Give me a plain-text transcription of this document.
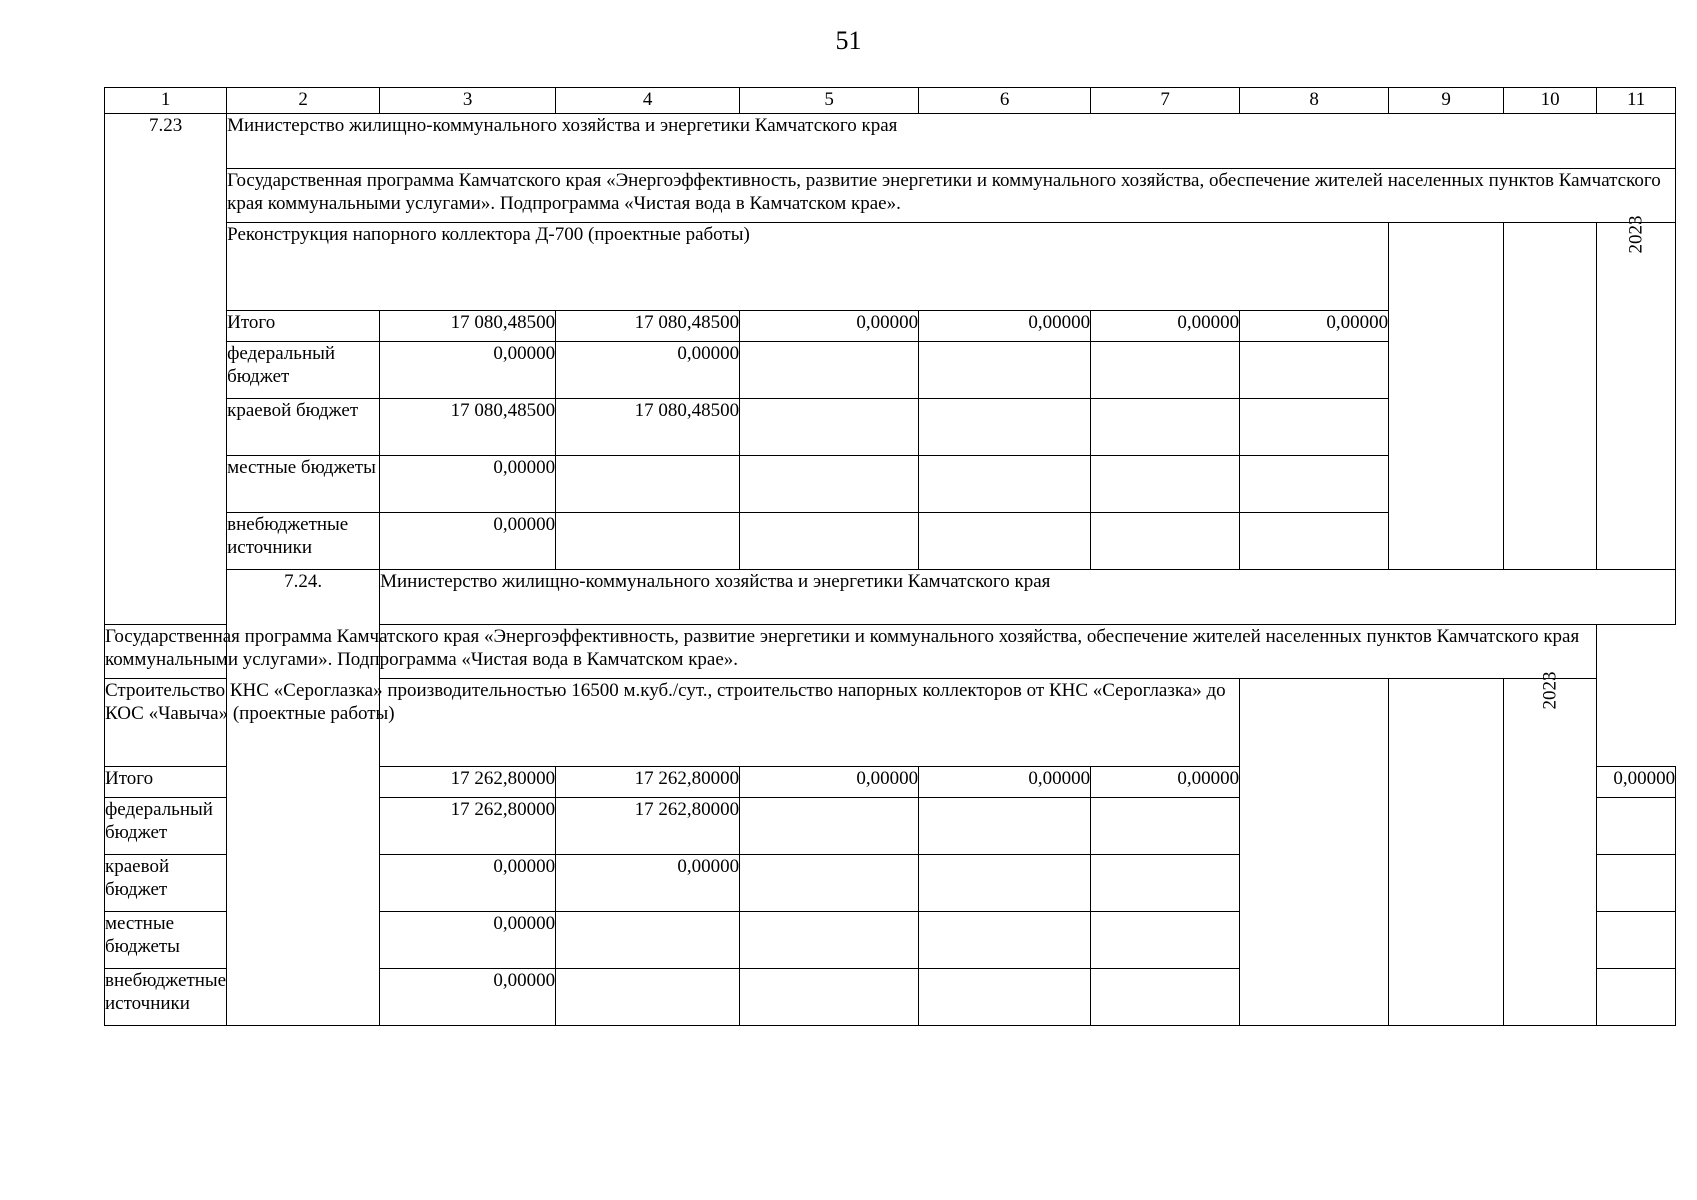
51
1	2	3	4	5	6	7	8	9	10	11
7.23	Министерство жилищно-коммунального хозяйства и энергетики Камчатского края									
	Государственная программа Камчатского края «Энергоэффективность, развитие энергетики и коммунального хозяйства, обеспечение жителей населенных пунктов Камчатского края коммунальными услугами». Подпрограмма «Чистая вода в Камчатском крае».									
	Реконструкция напорного коллектора Д-700 (проектные работы)									2023
	Итого	17 080,48500	17 080,48500	0,00000	0,00000	0,00000	0,00000			
	федеральный бюджет	0,00000	0,00000							
	краевой бюджет	17 080,48500	17 080,48500							
	местные бюджеты	0,00000								
	внебюджетные источники	0,00000								
	7.24.	Министерство жилищно-коммунального хозяйства и энергетики Камчатского края								
Государственная программа Камчатского края «Энергоэффективность, развитие энергетики и коммунального хозяйства, обеспечение жителей населенных пунктов Камчатского края коммунальными услугами». Подпрограмма «Чистая вода в Камчатском крае».										
Строительство КНС «Сероглазка» производительностью 16500 м.куб./сут., строительство напорных коллекторов от КНС «Сероглазка» до КОС «Чавыча» (проектные работы)									2023	
Итого		17 262,80000	17 262,80000	0,00000	0,00000	0,00000				0,00000
федеральный бюджет		17 262,80000	17 262,80000							
краевой бюджет		0,00000	0,00000							
местные бюджеты		0,00000								
внебюджетные источники		0,00000								
